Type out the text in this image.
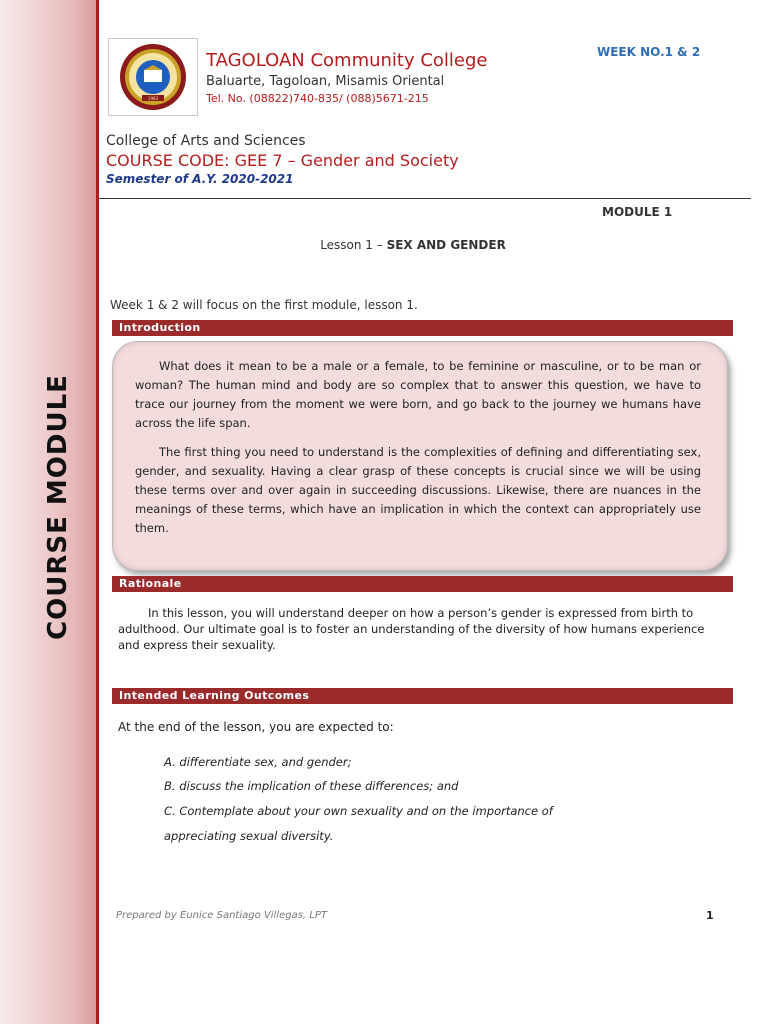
COURSE MODULE
1983
TAGOLOAN Community College
Baluarte, Tagoloan, Misamis Oriental
Tel. No. (08822)740-835/ (088)5671-215
WEEK NO.1 & 2
College of Arts and Sciences
COURSE CODE: GEE 7 – Gender and Society
Semester of A.Y. 2020-2021
MODULE 1
Lesson 1 – SEX AND GENDER
Week 1 & 2 will focus on the first module, lesson 1.
Introduction

What does it mean to be a male or a female, to be feminine or masculine, or to be man or woman? The human mind and body are so complex that to answer this question, we have to trace our journey from the moment we were born, and go back to the journey we humans have across the life span.

The first thing you need to understand is the complexities of defining and differentiating sex, gender, and sexuality. Having a clear grasp of these concepts is crucial since we will be using these terms over and over again in succeeding discussions. Likewise, there are nuances in the meanings of these terms, which have an implication in which the context can appropriately use them.

Rationale
In this lesson, you will understand deeper on how a person’s gender is expressed from birth to adulthood. Our ultimate goal is to foster an understanding of the diversity of how humans experience and express their sexuality.
Intended Learning Outcomes
At the end of the lesson, you are expected to:
A. differentiate sex, and gender;
B. discuss the implication of these differences; and
C. Contemplate about your own sexuality and on the importance of
appreciating sexual diversity.
Prepared by Eunice Santiago Villegas, LPT	1
